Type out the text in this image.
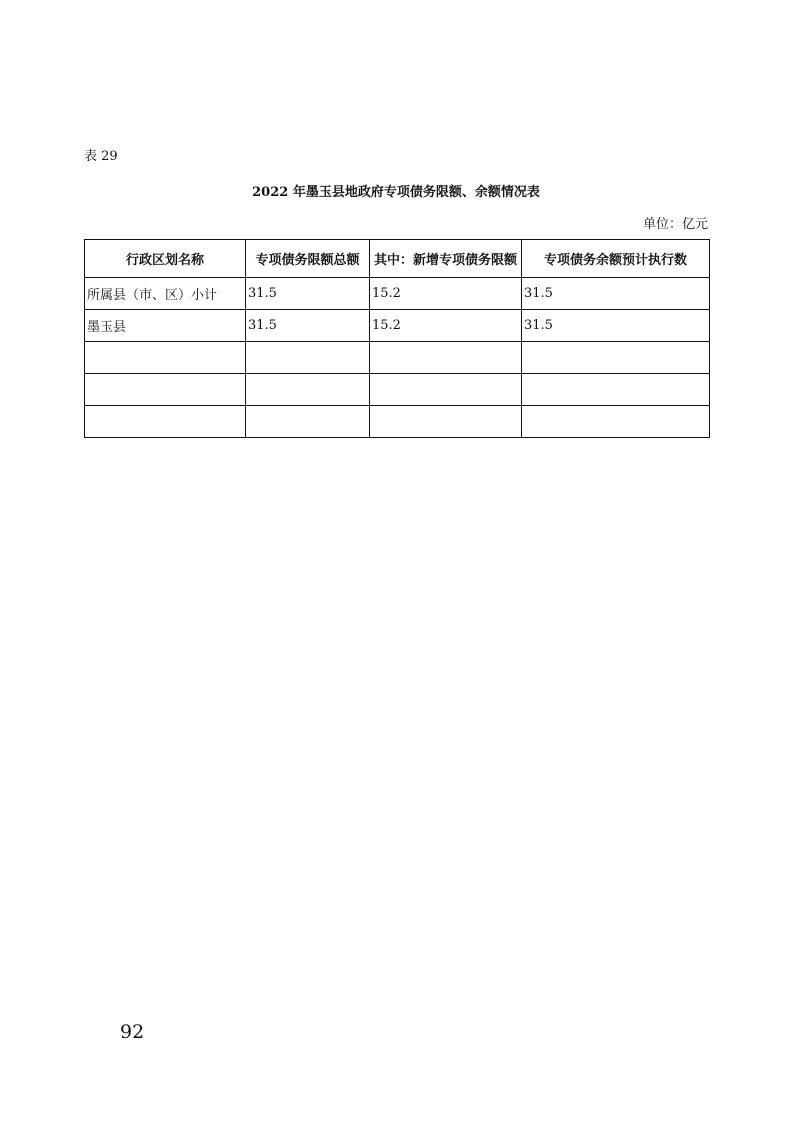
表 29
2022 年墨玉县地政府专项债务限额、余额情况表
单位：亿元
行政区划名称	专项债务限额总额	其中：新增专项债务限额	专项债务余额预计执行数
所属县（市、区）小计	31.5	15.2	31.5
墨玉县	31.5	15.2	31.5

92
